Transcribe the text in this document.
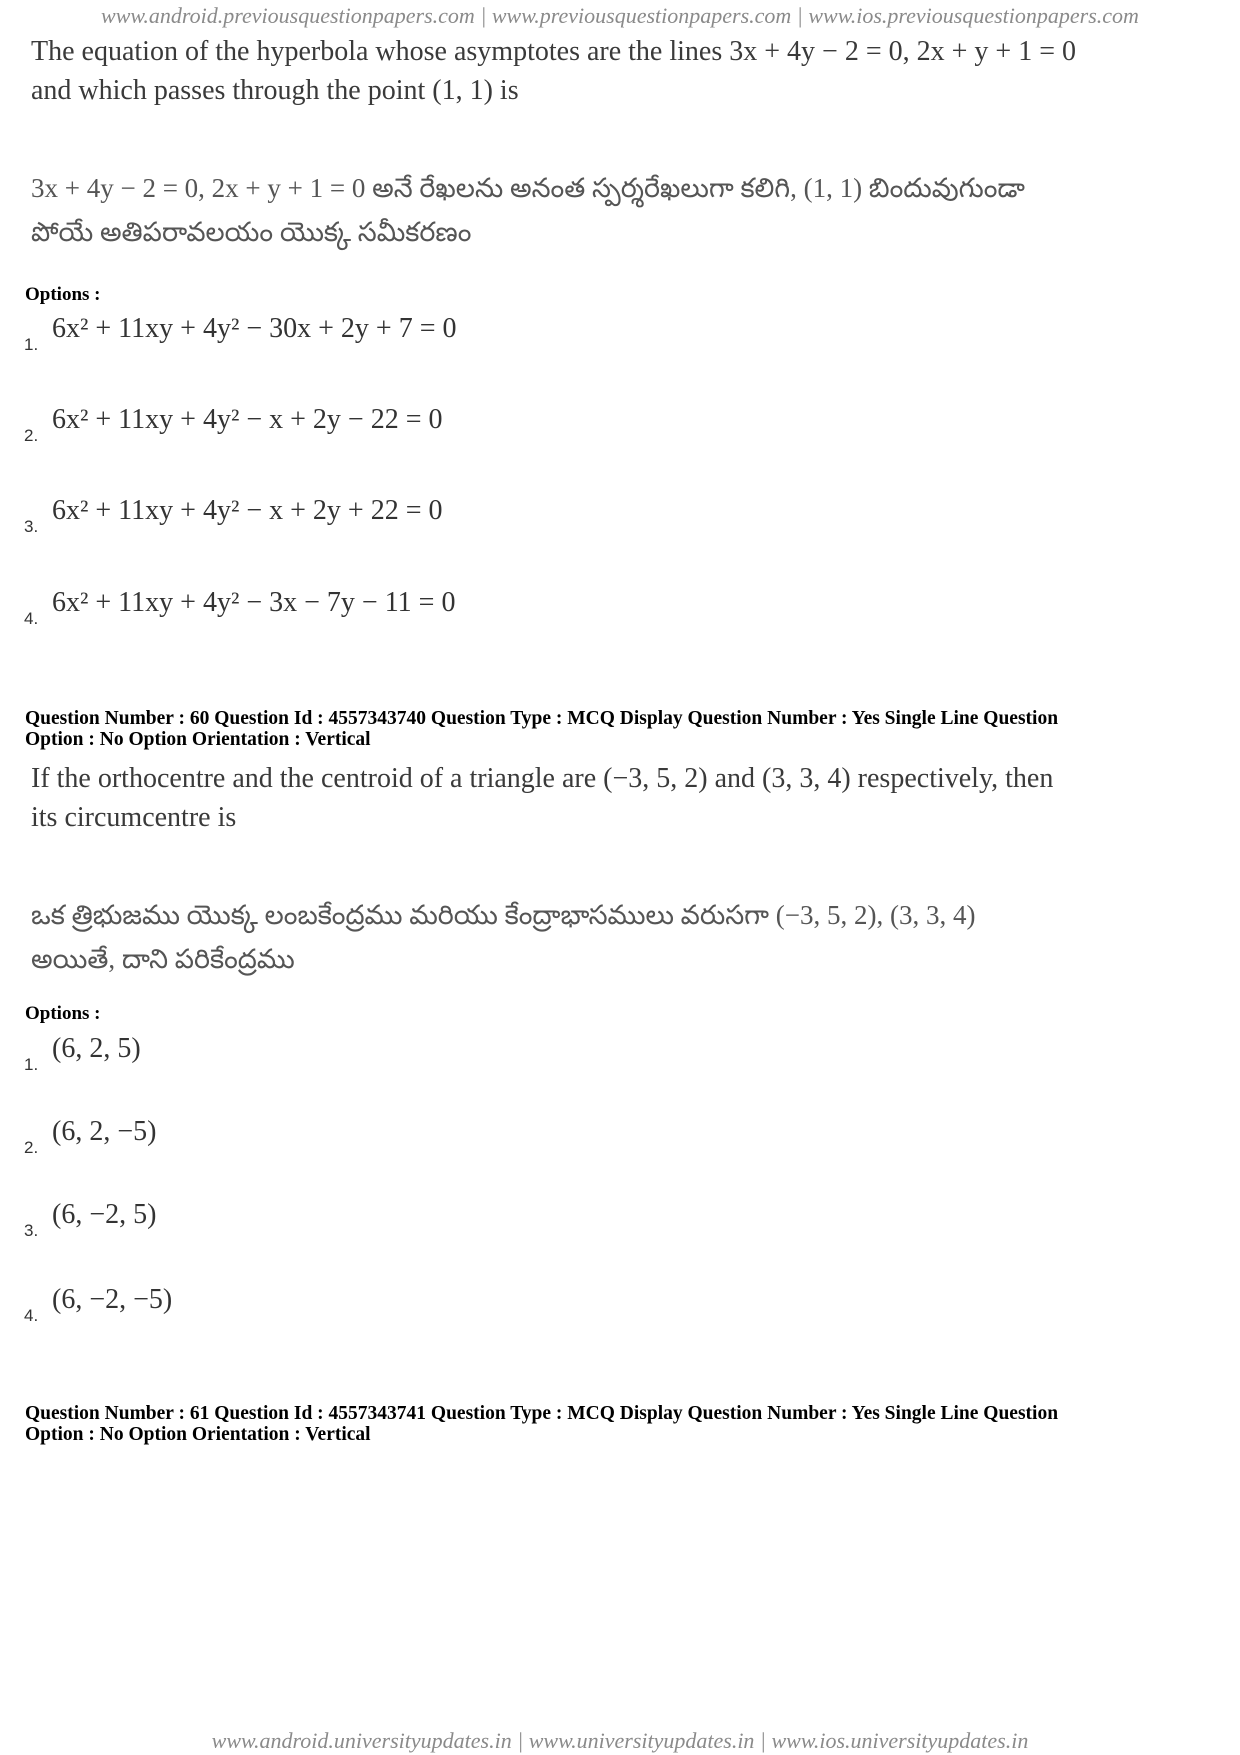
www.android.previousquestionpapers.com | www.previousquestionpapers.com | www.ios.previousquestionpapers.com
The equation of the hyperbola whose asymptotes are the lines 3x + 4y − 2 = 0, 2x + y + 1 = 0
and which passes through the point (1, 1) is
3x + 4y − 2 = 0, 2x + y + 1 = 0 అనే రేఖలను అనంత స్పర్శరేఖలుగా కలిగి, (1, 1) బిందువుగుండా
పోయే అతిపరావలయం యొక్క సమీకరణం
Options :
1.
6x² + 11xy + 4y² − 30x + 2y + 7 = 0
2.
6x² + 11xy + 4y² − x + 2y − 22 = 0
3.
6x² + 11xy + 4y² − x + 2y + 22 = 0
4.
6x² + 11xy + 4y² − 3x − 7y − 11 = 0
Question Number : 60 Question Id : 4557343740 Question Type : MCQ Display Question Number : Yes Single Line Question
Option : No Option Orientation : Vertical
If the orthocentre and the centroid of a triangle are (−3, 5, 2) and (3, 3, 4) respectively, then
its circumcentre is
ఒక త్రిభుజము యొక్క లంబకేంద్రము మరియు కేంద్రాభాసములు వరుసగా (−3, 5, 2), (3, 3, 4)
అయితే, దాని పరికేంద్రము
Options :
1.
(6, 2, 5)
2.
(6, 2, −5)
3.
(6, −2, 5)
4.
(6, −2, −5)
Question Number : 61 Question Id : 4557343741 Question Type : MCQ Display Question Number : Yes Single Line Question
Option : No Option Orientation : Vertical
www.android.universityupdates.in | www.universityupdates.in | www.ios.universityupdates.in
